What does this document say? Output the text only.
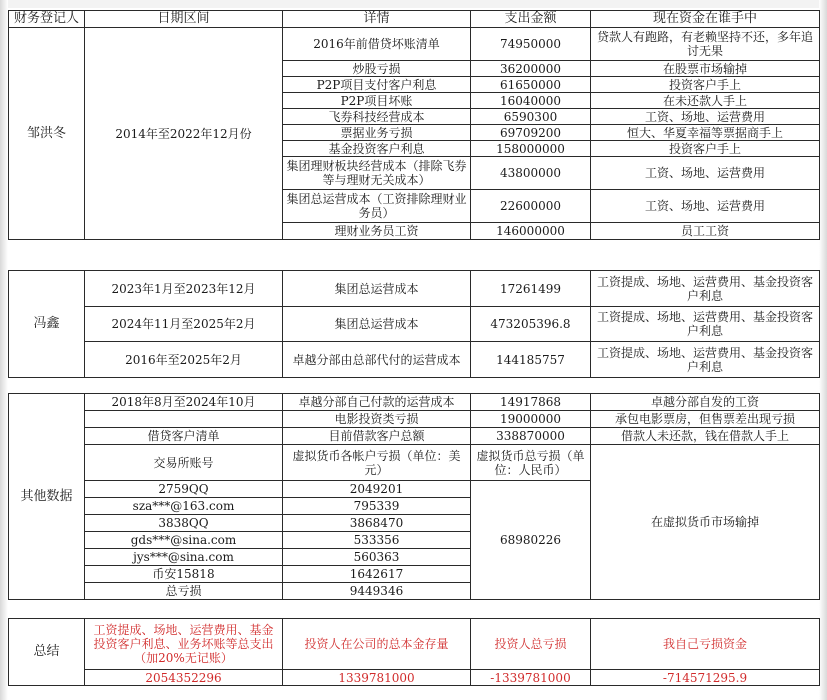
财务登记人	日期区间	详情	支出金额	现在资金在谁手中
邹洪冬	2014年至2022年12月份	2016年前借贷坏账清单	74950000	贷款人有跑路，有老赖坚持不还，多年追讨无果
		炒股亏损	36200000	在股票市场输掉
		P2P项目支付客户利息	61650000	投资客户手上
		P2P项目坏账	16040000	在未还款人手上
		飞券科技经营成本	6590300	工资、场地、运营费用
		票据业务亏损	69709200	恒大、华夏幸福等票据商手上
		基金投资客户利息	158000000	投资客户手上
		集团理财板块经营成本（排除飞券等与理财无关成本）	43800000	工资、场地、运营费用
		集团总运营成本（工资排除理财业务员）	22600000	工资、场地、运营费用
		理财业务员工资	146000000	员工工资
冯鑫	2023年1月至2023年12月	集团总运营成本	17261499	工资提成、场地、运营费用、基金投资客户利息
	2024年11月至2025年2月	集团总运营成本	473205396.8	工资提成、场地、运营费用、基金投资客户利息
	2016年至2025年2月	卓越分部由总部代付的运营成本	144185757	工资提成、场地、运营费用、基金投资客户利息
其他数据	2018年8月至2024年10月	卓越分部自己付款的运营成本	14917868	卓越分部自发的工资
		电影投资类亏损	19000000	承包电影票房，但售票差出现亏损
	借贷客户清单	目前借款客户总额	338870000	借款人未还款，钱在借款人手上
	交易所账号	虚拟货币各帐户亏损（单位：美元）	虚拟货币总亏损（单位：人民币）	在虚拟货币市场输掉
	2759QQ	2049201	68980226	
	sza***@163.com	795339		
	3838QQ	3868470		
	gds***@sina.com	533356		
	jys***@sina.com	560363		
	币安15818	1642617		
	总亏损	9449346		
总结	工资提成、场地、运营费用、基金投资客户利息、业务坏账等总支出（加20%无记账）	投资人在公司的总本金存量	投资人总亏损	我自己亏损资金
	2054352296	1339781000	-1339781000	-714571295.9
